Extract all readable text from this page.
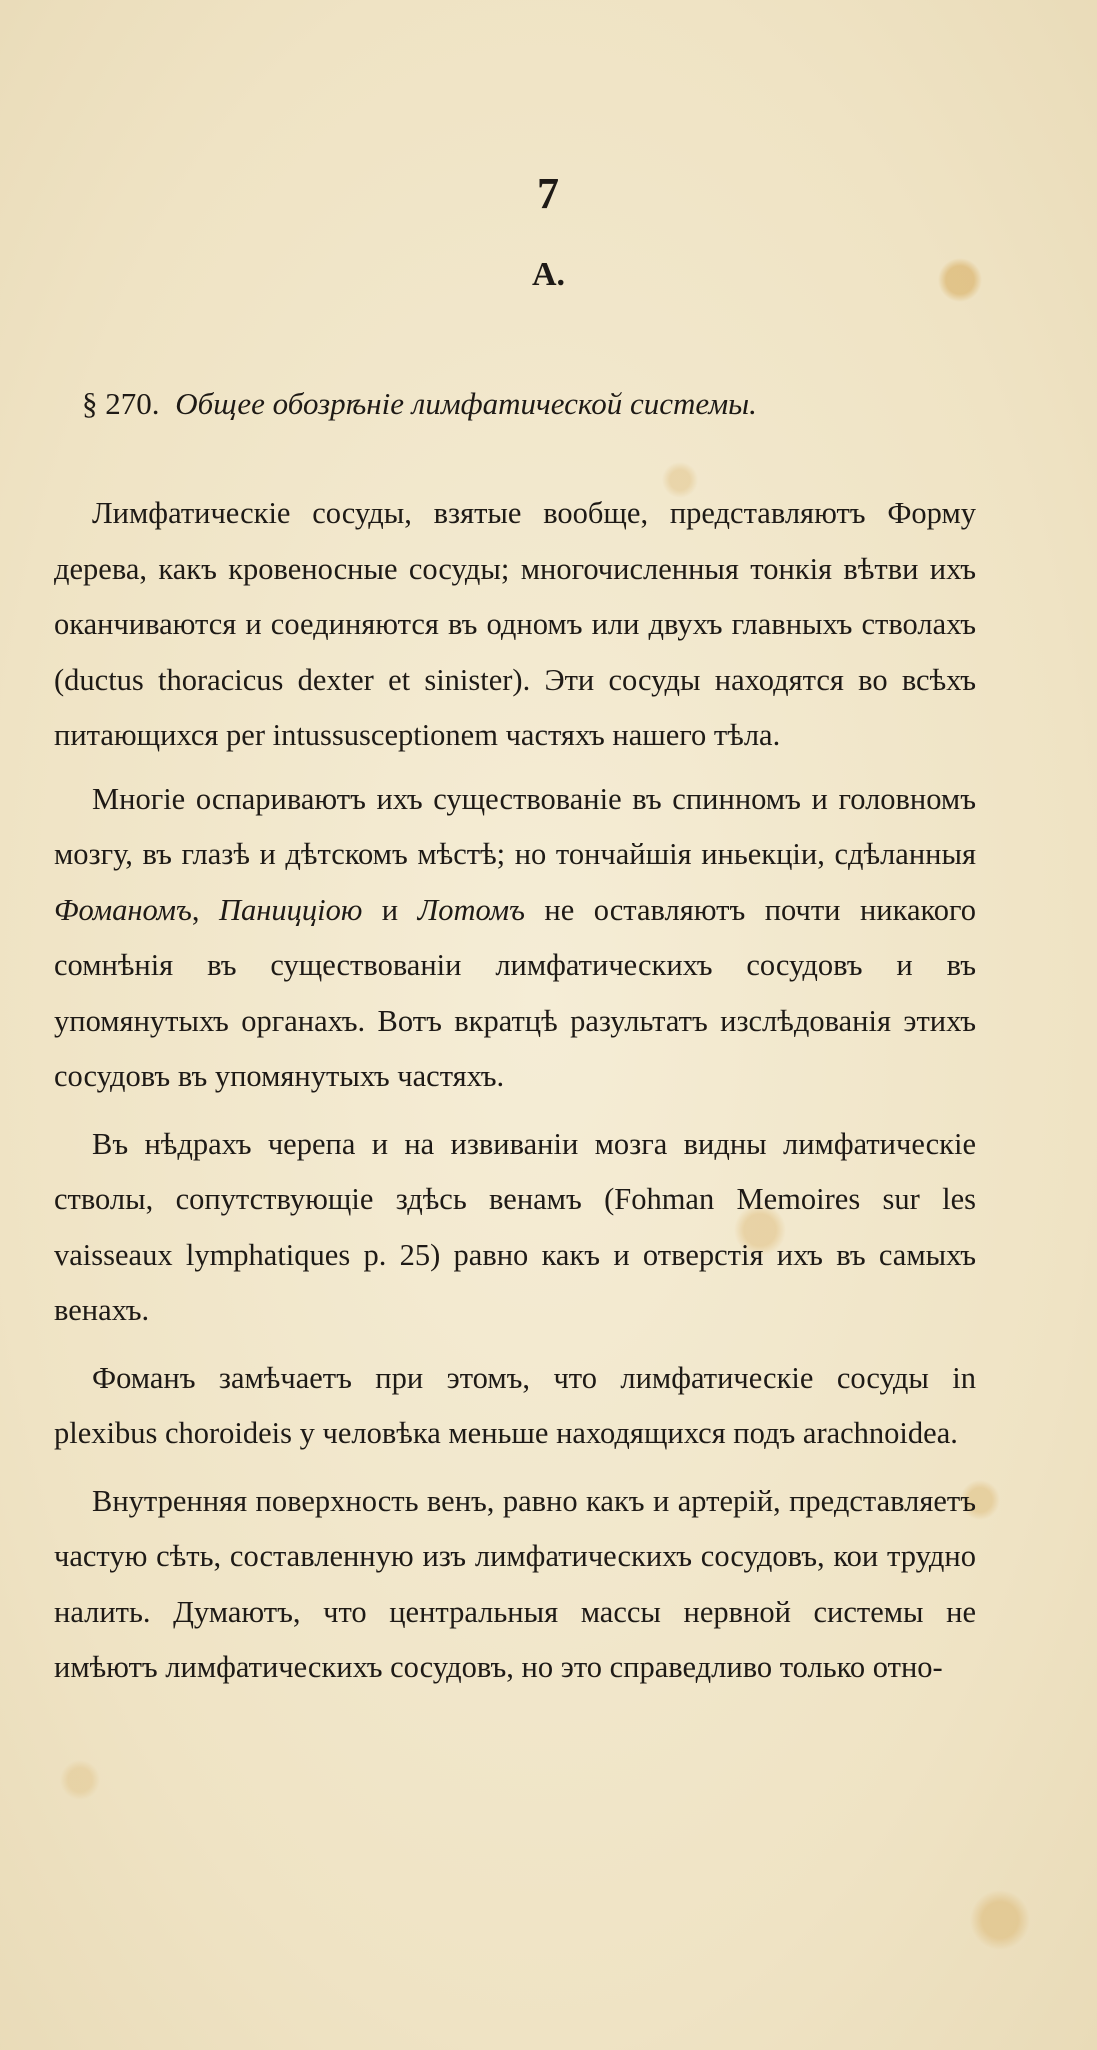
7
А.
§ 270. Общее обозрѣніе лимфатической системы.

Лимфатическіе сосуды, взятые вообще, представляютъ Форму дерева, какъ кровеносные сосуды; многочисленныя тонкія вѣтви ихъ оканчиваются и соединяются въ одномъ или двухъ главныхъ стволахъ (ductus thoracicus dexter et sinister). Эти сосуды находятся во всѣхъ питающихся per intussusceptionem частяхъ нашего тѣла.

Многіе оспариваютъ ихъ существованіе въ спинномъ и головномъ мозгу, въ глазѣ и дѣтскомъ мѣстѣ; но тончайшія иньекціи, сдѣланныя Фоманомъ, Паницціою и Лотомъ не оставляютъ почти никакого сомнѣнія въ существованіи лимфатическихъ сосудовъ и въ упомянутыхъ органахъ. Вотъ вкратцѣ разультатъ изслѣдованія этихъ сосудовъ въ упомянутыхъ частяхъ.

Въ нѣдрахъ черепа и на извиваніи мозга видны лимфатическіе стволы, сопутствующіе здѣсь венамъ (Fohman Memoires sur les vaisseaux lymphatiques p. 25) равно какъ и отверстія ихъ въ самыхъ венахъ.

Фоманъ замѣчаетъ при этомъ, что лимфатическіе сосуды in plexibus choroideis у человѣка меньше находящихся подъ arachnoidea.

Внутренняя поверхность венъ, равно какъ и артерій, представляетъ частую сѣть, составленную изъ лимфатическихъ сосудовъ, кои трудно налить. Думаютъ, что центральныя массы нервной системы не имѣютъ лимфатическихъ сосудовъ, но это справедливо только отно-
